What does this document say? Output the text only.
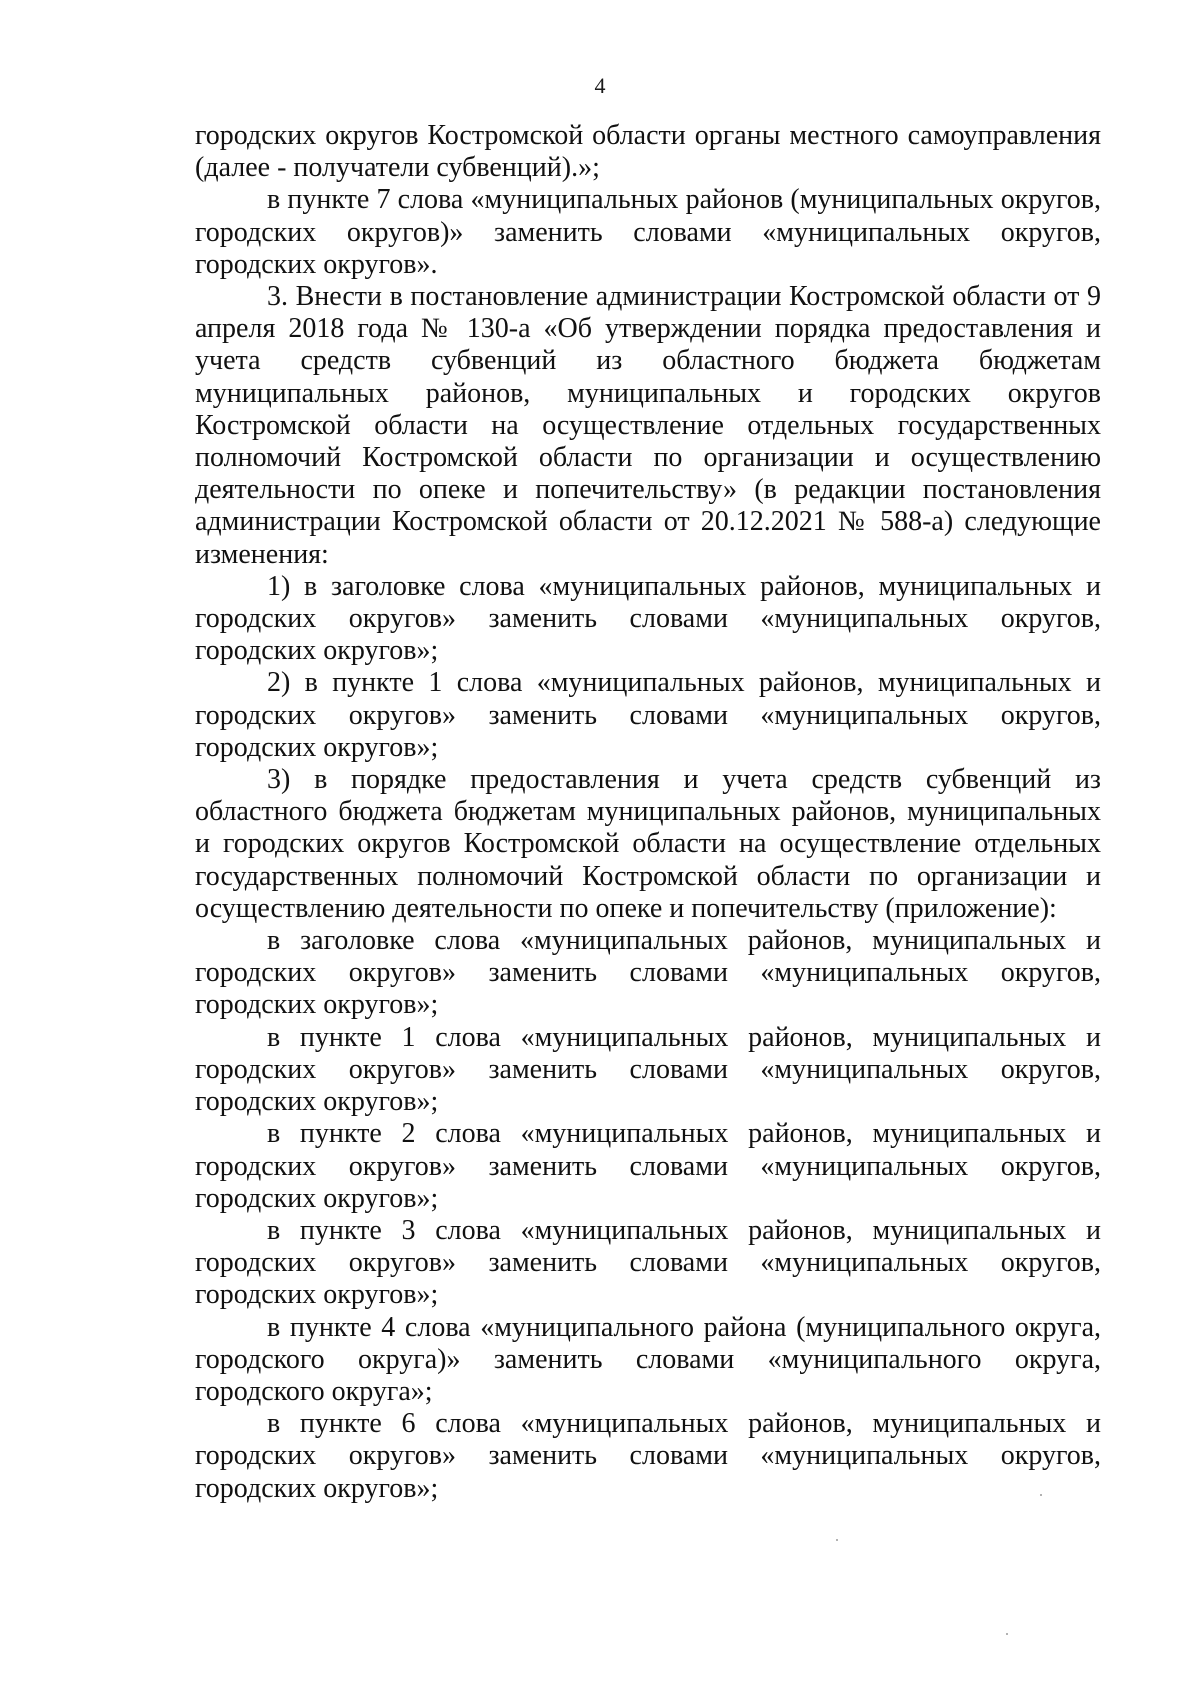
4

городских округов Костромской области органы местного самоуправления (далее - получатели субвенций).»;

в пункте 7 слова «муниципальных районов (муниципальных округов, городских округов)» заменить словами «муниципальных округов, городских округов».

3. Внести в постановление администрации Костромской области от 9 апреля 2018 года № 130-а «Об утверждении порядка предоставления и учета средств субвенций из областного бюджета бюджетам муниципальных районов, муниципальных и городских округов Костромской области на осуществление отдельных государственных полномочий Костромской области по организации и осуществлению деятельности по опеке и попечительству» (в редакции постановления администрации Костромской области от 20.12.2021 № 588-а) следующие изменения:

1) в заголовке слова «муниципальных районов, муниципальных и городских округов» заменить словами «муниципальных округов, городских округов»;

2) в пункте 1 слова «муниципальных районов, муниципальных и городских округов» заменить словами «муниципальных округов, городских округов»;

3) в порядке предоставления и учета средств субвенций из областного бюджета бюджетам муниципальных районов, муниципальных и городских округов Костромской области на осуществление отдельных государственных полномочий Костромской области по организации и осуществлению деятельности по опеке и попечительству (приложение):

в заголовке слова «муниципальных районов, муниципальных и городских округов» заменить словами «муниципальных округов, городских округов»;

в пункте 1 слова «муниципальных районов, муниципальных и городских округов» заменить словами «муниципальных округов, городских округов»;

в пункте 2 слова «муниципальных районов, муниципальных и городских округов» заменить словами «муниципальных округов, городских округов»;

в пункте 3 слова «муниципальных районов, муниципальных и городских округов» заменить словами «муниципальных округов, городских округов»;

в пункте 4 слова «муниципального района (муниципального округа, городского округа)» заменить словами «муниципального округа, городского округа»;

в пункте 6 слова «муниципальных районов, муниципальных и городских округов» заменить словами «муниципальных округов, городских округов»;
